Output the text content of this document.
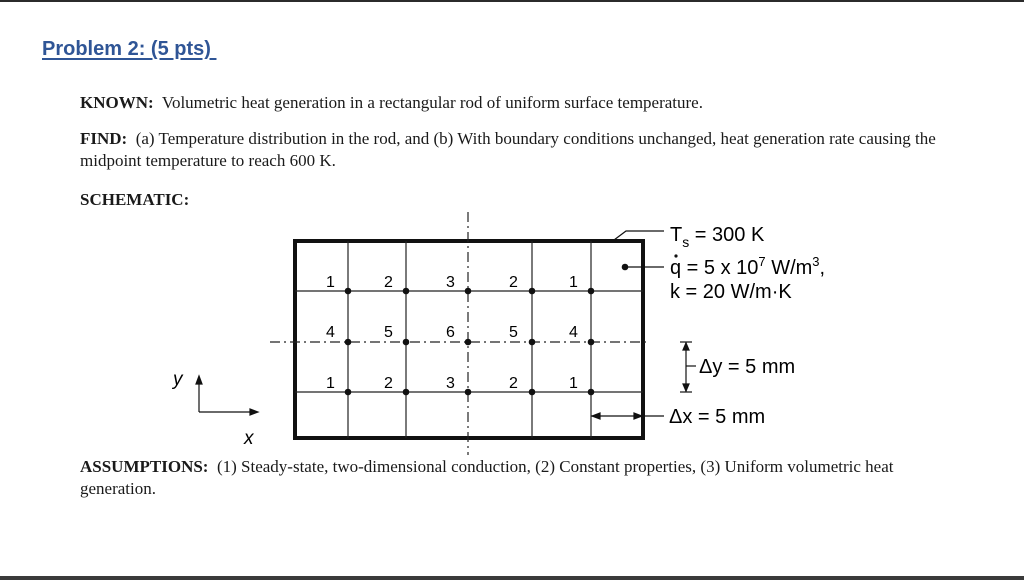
Problem 2: (5 pts)
KNOWN: Volumetric heat generation in a rectangular rod of uniform surface temperature.
FIND: (a) Temperature distribution in the rod, and (b) With boundary conditions unchanged, heat generation rate causing the midpoint temperature to reach 600 K.
SCHEMATIC:
1	2	3	2	1
4	5	6	5	4
1	2	3	2	1
$T_s = 300$ K
q = 5 x $10^7$ $W/m^3$,
k = 20 W/m·K
Δy = 5 mm
Δx = 5 mm
y
x
ASSUMPTIONS: (1) Steady-state, two-dimensional conduction, (2) Constant properties, (3) Uniform volumetric heat generation.
